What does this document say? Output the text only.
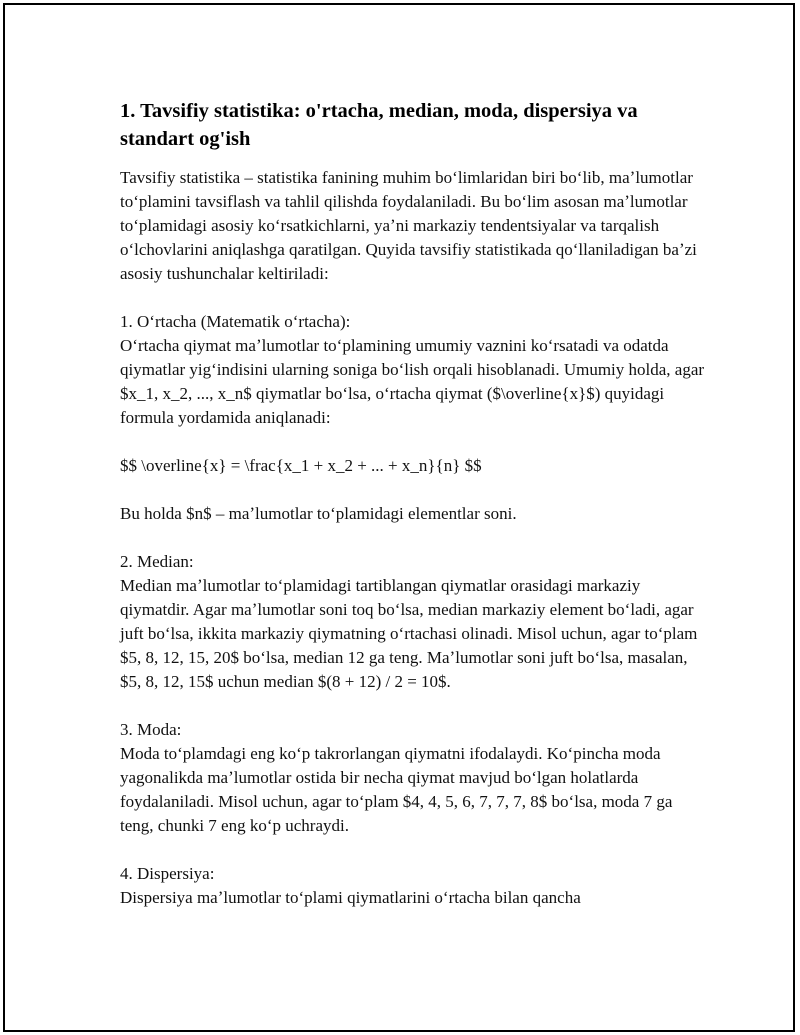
1. Tavsifiy statistika: o'rtacha, median, moda, dispersiya va standart og'ish

Tavsifiy statistika – statistika fanining muhim boʻlimlaridan biri boʻlib, maʼlumotlar toʻplamini tavsiflash va tahlil qilishda foydalaniladi. Bu boʻlim asosan maʼlumotlar toʻplamidagi asosiy koʻrsatkichlarni, yaʼni markaziy tendentsiyalar va tarqalish oʻlchovlarini aniqlashga qaratilgan. Quyida tavsifiy statistikada qoʻllaniladigan baʼzi asosiy tushunchalar keltiriladi:

1. Oʻrtacha (Matematik oʻrtacha):
Oʻrtacha qiymat maʼlumotlar toʻplamining umumiy vaznini koʻrsatadi va odatda qiymatlar yigʻindisini ularning soniga boʻlish orqali hisoblanadi. Umumiy holda, agar $x_1, x_2, ..., x_n$ qiymatlar boʻlsa, oʻrtacha qiymat ($\overline{x}$) quyidagi formula yordamida aniqlanadi:

$$ \overline{x} = \frac{x_1 + x_2 + ... + x_n}{n} $$

Bu holda $n$ – maʼlumotlar toʻplamidagi elementlar soni.

2. Median:
Median maʼlumotlar toʻplamidagi tartiblangan qiymatlar orasidagi markaziy qiymatdir. Agar maʼlumotlar soni toq boʻlsa, median markaziy element boʻladi, agar juft boʻlsa, ikkita markaziy qiymatning oʻrtachasi olinadi. Misol uchun, agar toʻplam $5, 8, 12, 15, 20$ boʻlsa, median 12 ga teng. Maʼlumotlar soni juft boʻlsa, masalan, $5, 8, 12, 15$ uchun median $(8 + 12) / 2 = 10$.

3. Moda:
Moda toʻplamdagi eng koʻp takrorlangan qiymatni ifodalaydi. Koʻpincha moda yagonalikda maʼlumotlar ostida bir necha qiymat mavjud boʻlgan holatlarda foydalaniladi. Misol uchun, agar toʻplam $4, 4, 5, 6, 7, 7, 7, 8$ boʻlsa, moda 7 ga teng, chunki 7 eng koʻp uchraydi.

4. Dispersiya:
Dispersiya maʼlumotlar toʻplami qiymatlarini oʻrtacha bilan qancha
